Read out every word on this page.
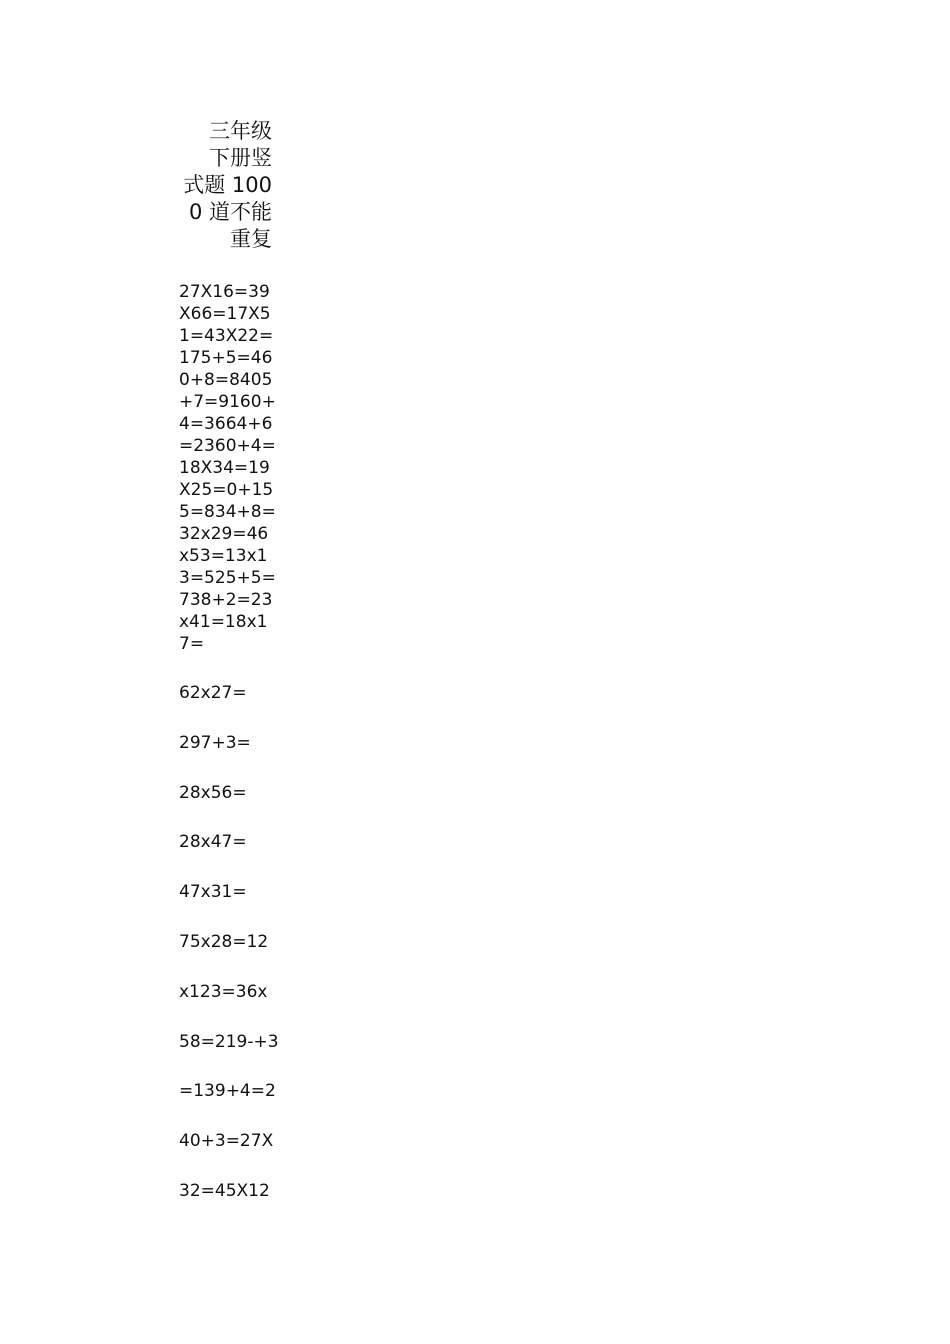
三年级
下册竖
式题 100
0 道不能
重复
27X16=39
X66=17X5
1=43X22=
175+5=46
0+8=8405
+7=9160+
4=3664+6
=2360+4=
18X34=19
X25=0+15
5=834+8=
32x29=46
x53=13x1
3=525+5=
738+2=23
x41=18x1
7=
62x27=
297+3=
28x56=
28x47=
47x31=
75x28=12
x123=36x
58=219-+3
=139+4=2
40+3=27X
32=45X12
